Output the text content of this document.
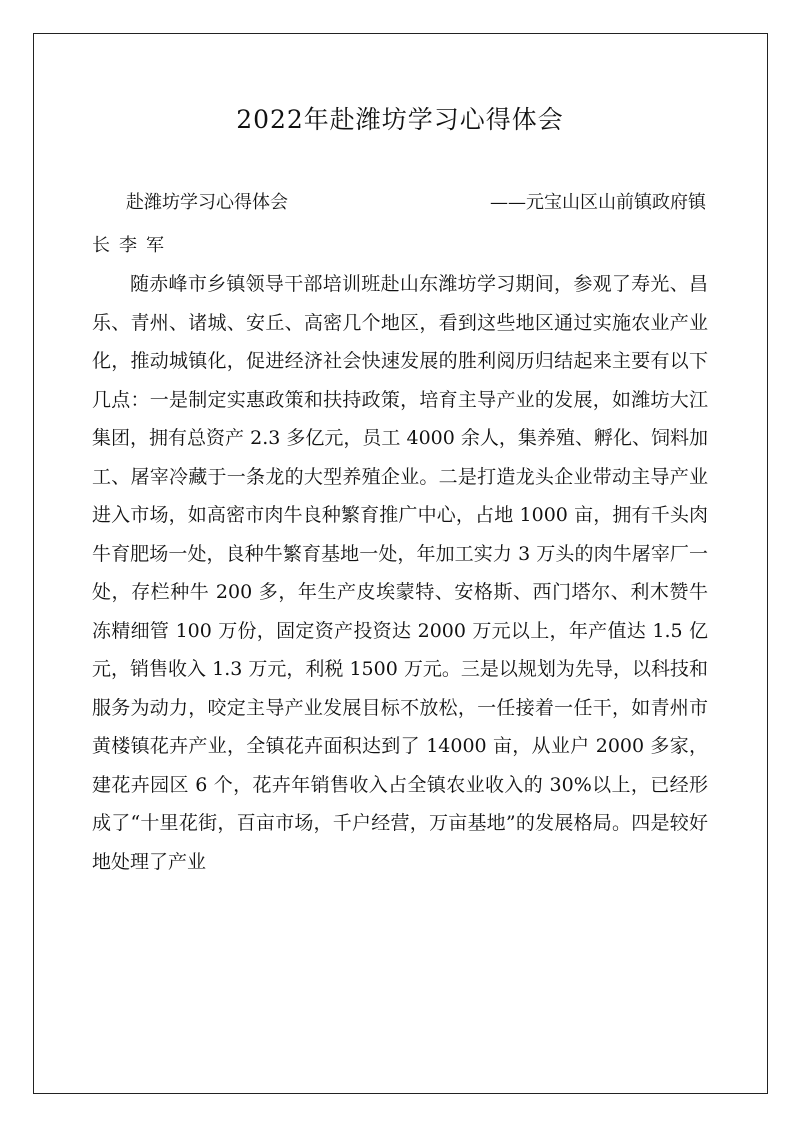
2022年赴潍坊学习心得体会
赴潍坊学习心得体会	——元宝山区山前镇政府镇
长李军

随赤峰市乡镇领导干部培训班赴山东潍坊学习期间，参观了寿光、昌乐、青州、诸城、安丘、高密几个地区，看到这些地区通过实施农业产业化，推动城镇化，促进经济社会快速发展的胜利阅历归结起来主要有以下几点：一是制定实惠政策和扶持政策，培育主导产业的发展，如潍坊大江集团，拥有总资产 2.3 多亿元，员工 4000 余人，集养殖、孵化、饲料加工、屠宰冷藏于一条龙的大型养殖企业。二是打造龙头企业带动主导产业进入市场，如高密市肉牛良种繁育推广中心，占地 1000 亩，拥有千头肉牛育肥场一处，良种牛繁育基地一处，年加工实力 3 万头的肉牛屠宰厂一处，存栏种牛 200 多，年生产皮埃蒙特、安格斯、西门塔尔、利木赞牛冻精细管 100 万份，固定资产投资达 2000 万元以上，年产值达 1.5 亿元，销售收入 1.3 万元，利税 1500 万元。三是以规划为先导，以科技和服务为动力，咬定主导产业发展目标不放松，一任接着一任干，如青州市黄楼镇花卉产业，全镇花卉面积达到了 14000 亩，从业户 2000 多家，建花卉园区 6 个，花卉年销售收入占全镇农业收入的 30%以上，已经形成了“十里花街，百亩市场，千户经营，万亩基地”的发展格局。四是较好地处理了产业
